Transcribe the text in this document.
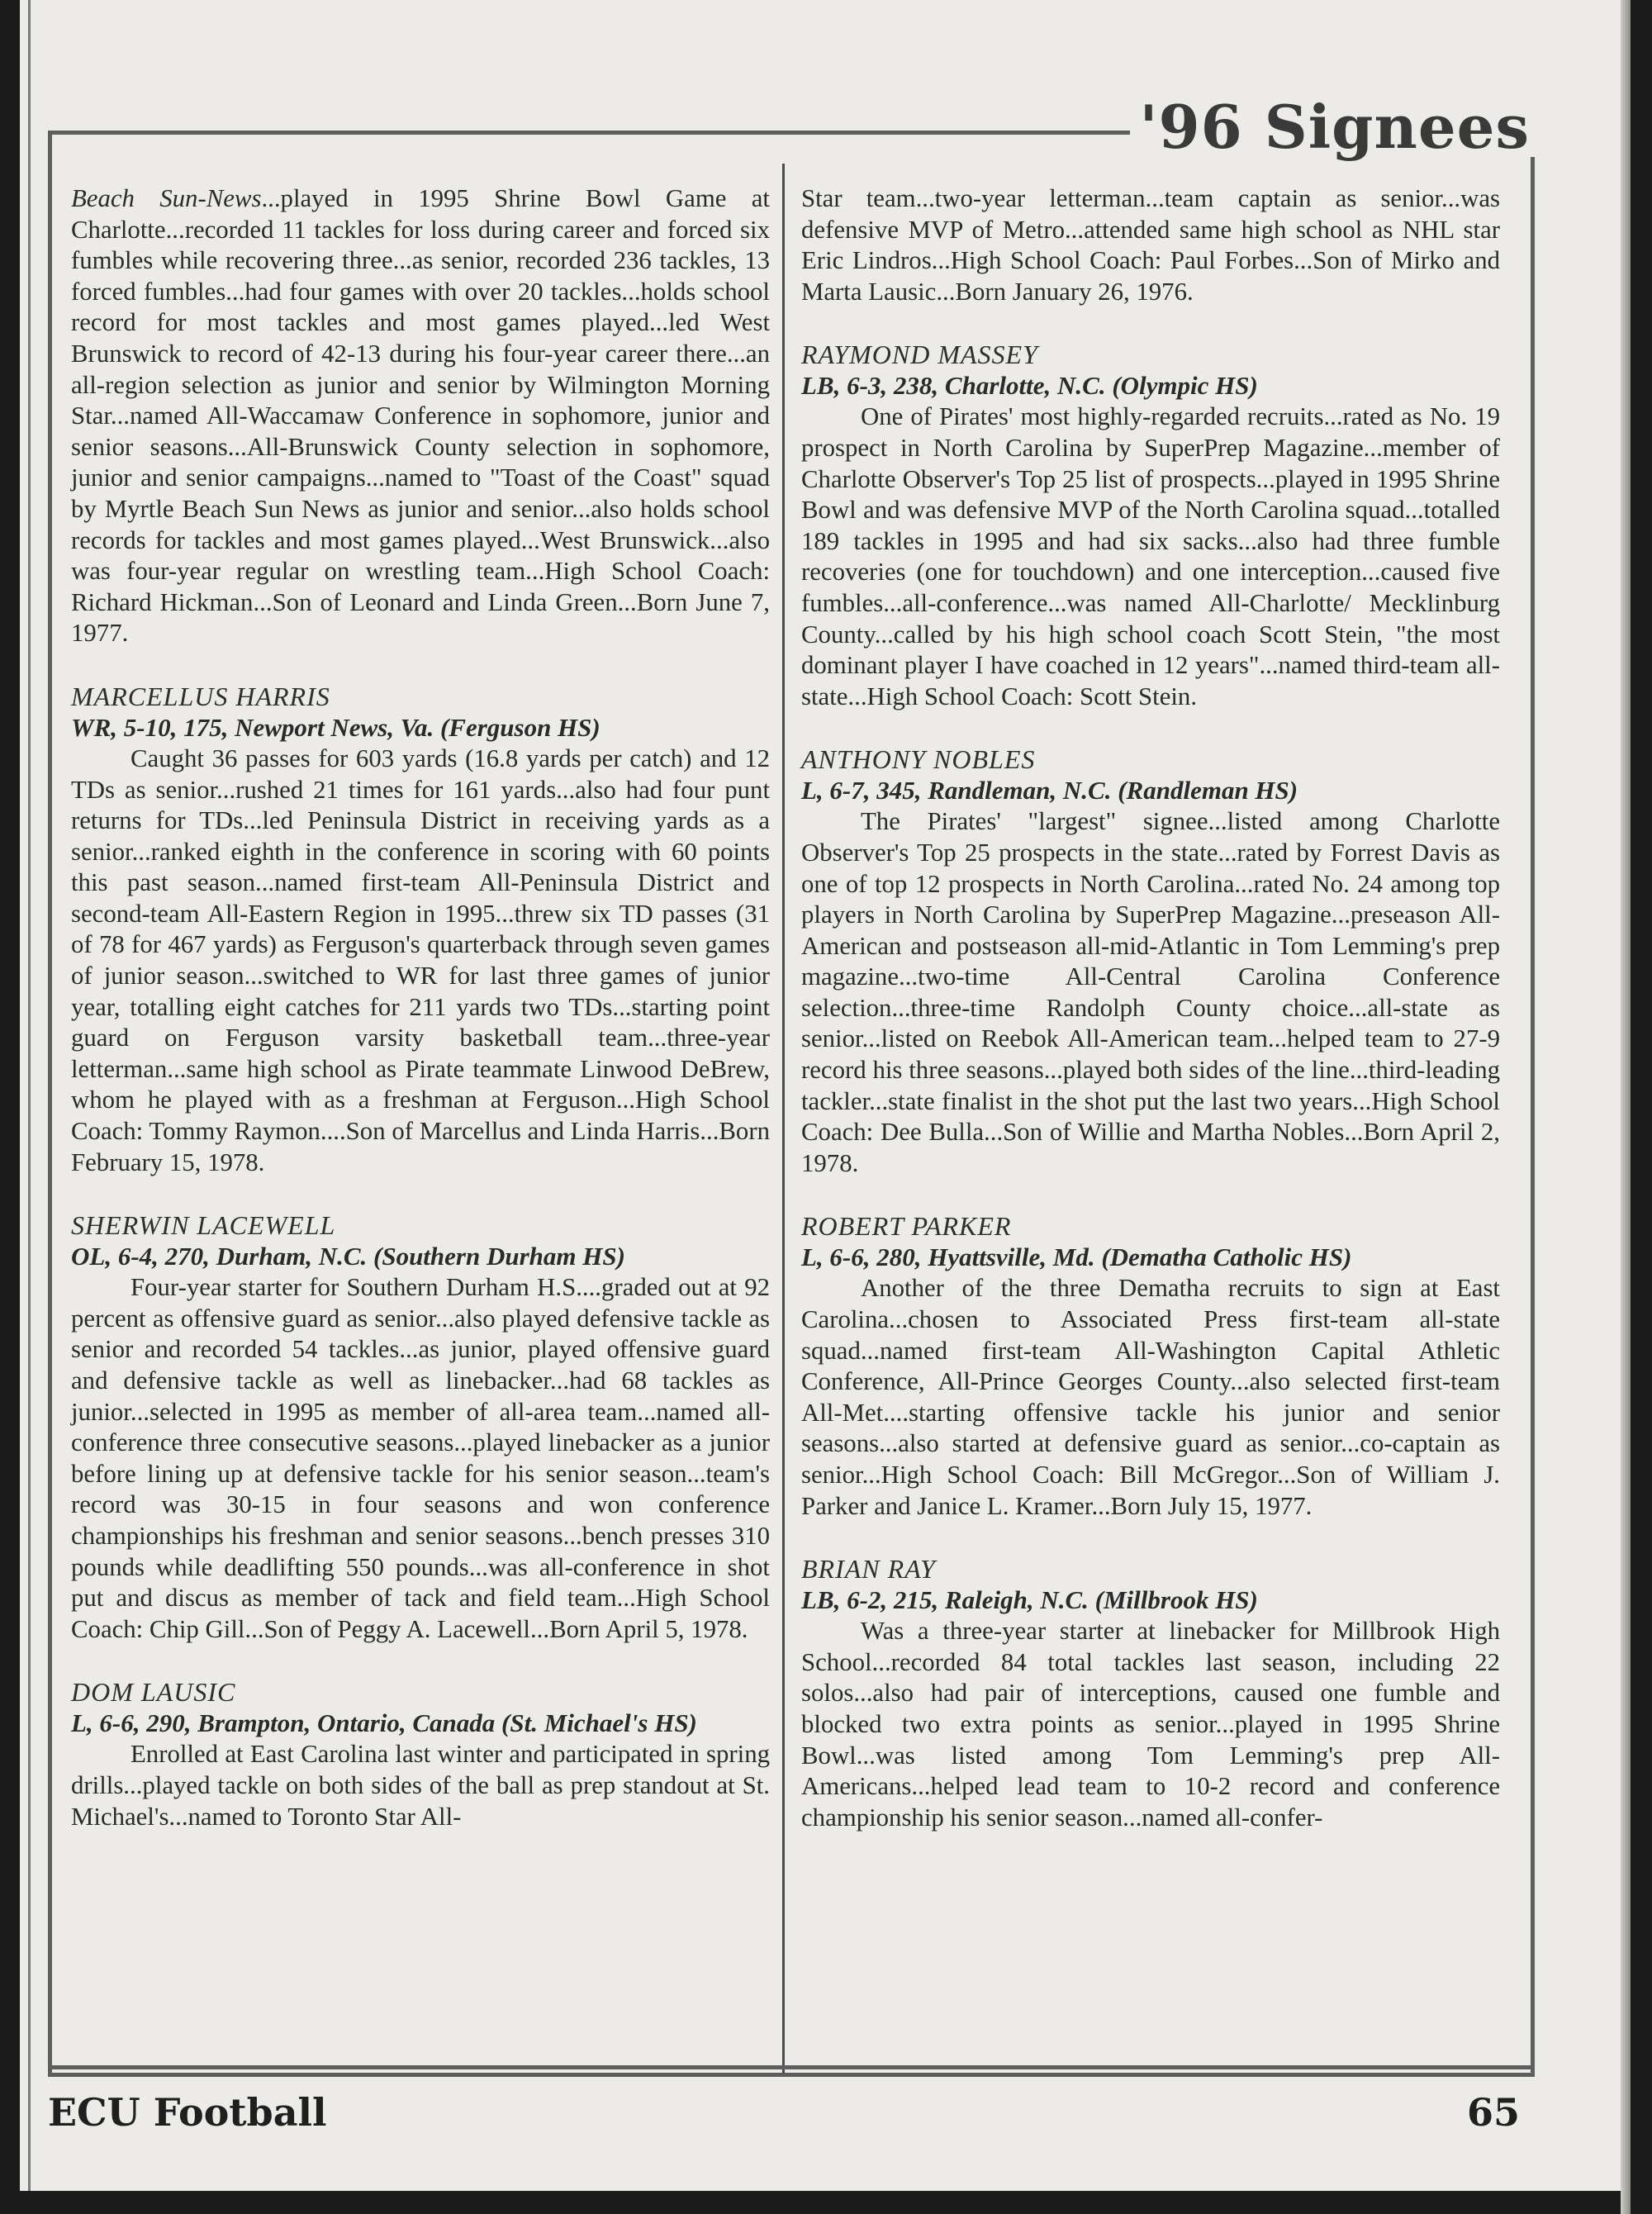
'96 Signees

Beach Sun-News...played in 1995 Shrine Bowl Game at Charlotte...recorded 11 tackles for loss during career and forced six fumbles while recovering three...as senior, recorded 236 tackles, 13 forced fumbles...had four games with over 20 tackles...holds school record for most tackles and most games played...led West Brunswick to record of 42-13 during his four-year career there...an all-region selection as junior and senior by Wilmington Morning Star...named All-Waccamaw Conference in sophomore, junior and senior seasons...All-Brunswick County selection in sophomore, junior and senior campaigns...named to "Toast of the Coast" squad by Myrtle Beach Sun News as junior and senior...also holds school records for tackles and most games played...West Brunswick...also was four-year regular on wrestling team...High School Coach: Richard Hickman...Son of Leonard and Linda Green...Born June 7, 1977.

MARCELLUS HARRIS
WR, 5-10, 175, Newport News, Va. (Ferguson HS)

Caught 36 passes for 603 yards (16.8 yards per catch) and 12 TDs as senior...rushed 21 times for 161 yards...also had four punt returns for TDs...led Peninsula District in receiving yards as a senior...ranked eighth in the conference in scoring with 60 points this past season...named first-team All-Peninsula District and second-team All-Eastern Region in 1995...threw six TD passes (31 of 78 for 467 yards) as Ferguson's quarterback through seven games of junior season...switched to WR for last three games of junior year, totalling eight catches for 211 yards two TDs...starting point guard on Ferguson varsity basketball team...three-year letterman...same high school as Pirate teammate Linwood DeBrew, whom he played with as a freshman at Ferguson...High School Coach: Tommy Raymon....Son of Marcellus and Linda Harris...Born February 15, 1978.

SHERWIN LACEWELL
OL, 6-4, 270, Durham, N.C. (Southern Durham HS)

Four-year starter for Southern Durham H.S....graded out at 92 percent as offensive guard as senior...also played defensive tackle as senior and recorded 54 tackles...as junior, played offensive guard and defensive tackle as well as linebacker...had 68 tackles as junior...selected in 1995 as member of all-area team...named all-conference three consecutive seasons...played linebacker as a junior before lining up at defensive tackle for his senior season...team's record was 30-15 in four seasons and won conference championships his freshman and senior seasons...bench presses 310 pounds while deadlifting 550 pounds...was all-conference in shot put and discus as member of tack and field team...High School Coach: Chip Gill...Son of Peggy A. Lacewell...Born April 5, 1978.

DOM LAUSIC
L, 6-6, 290, Brampton, Ontario, Canada (St. Michael's HS)

Enrolled at East Carolina last winter and participated in spring drills...played tackle on both sides of the ball as prep standout at St. Michael's...named to Toronto Star All-

Star team...two-year letterman...team captain as senior...was defensive MVP of Metro...attended same high school as NHL star Eric Lindros...High School Coach: Paul Forbes...Son of Mirko and Marta Lausic...Born January 26, 1976.

RAYMOND MASSEY
LB, 6-3, 238, Charlotte, N.C. (Olympic HS)

One of Pirates' most highly-regarded recruits...rated as No. 19 prospect in North Carolina by SuperPrep Magazine...member of Charlotte Observer's Top 25 list of prospects...played in 1995 Shrine Bowl and was defensive MVP of the North Carolina squad...totalled 189 tackles in 1995 and had six sacks...also had three fumble recoveries (one for touchdown) and one interception...caused five fumbles...all-conference...was named All-Charlotte/ Mecklinburg County...called by his high school coach Scott Stein, "the most dominant player I have coached in 12 years"...named third-team all-state...High School Coach: Scott Stein.

ANTHONY NOBLES
L, 6-7, 345, Randleman, N.C. (Randleman HS)

The Pirates' "largest" signee...listed among Charlotte Observer's Top 25 prospects in the state...rated by Forrest Davis as one of top 12 prospects in North Carolina...rated No. 24 among top players in North Carolina by SuperPrep Magazine...preseason All-American and postseason all-mid-Atlantic in Tom Lemming's prep magazine...two-time All-Central Carolina Conference selection...three-time Randolph County choice...all-state as senior...listed on Reebok All-American team...helped team to 27-9 record his three seasons...played both sides of the line...third-leading tackler...state finalist in the shot put the last two years...High School Coach: Dee Bulla...Son of Willie and Martha Nobles...Born April 2, 1978.

ROBERT PARKER
L, 6-6, 280, Hyattsville, Md. (Dematha Catholic HS)

Another of the three Dematha recruits to sign at East Carolina...chosen to Associated Press first-team all-state squad...named first-team All-Washington Capital Athletic Conference, All-Prince Georges County...also selected first-team All-Met....starting offensive tackle his junior and senior seasons...also started at defensive guard as senior...co-captain as senior...High School Coach: Bill McGregor...Son of William J. Parker and Janice L. Kramer...Born July 15, 1977.

BRIAN RAY
LB, 6-2, 215, Raleigh, N.C. (Millbrook HS)

Was a three-year starter at linebacker for Millbrook High School...recorded 84 total tackles last season, including 22 solos...also had pair of interceptions, caused one fumble and blocked two extra points as senior...played in 1995 Shrine Bowl...was listed among Tom Lemming's prep All-Americans...helped lead team to 10-2 record and conference championship his senior season...named all-confer-

ECU Football	65
